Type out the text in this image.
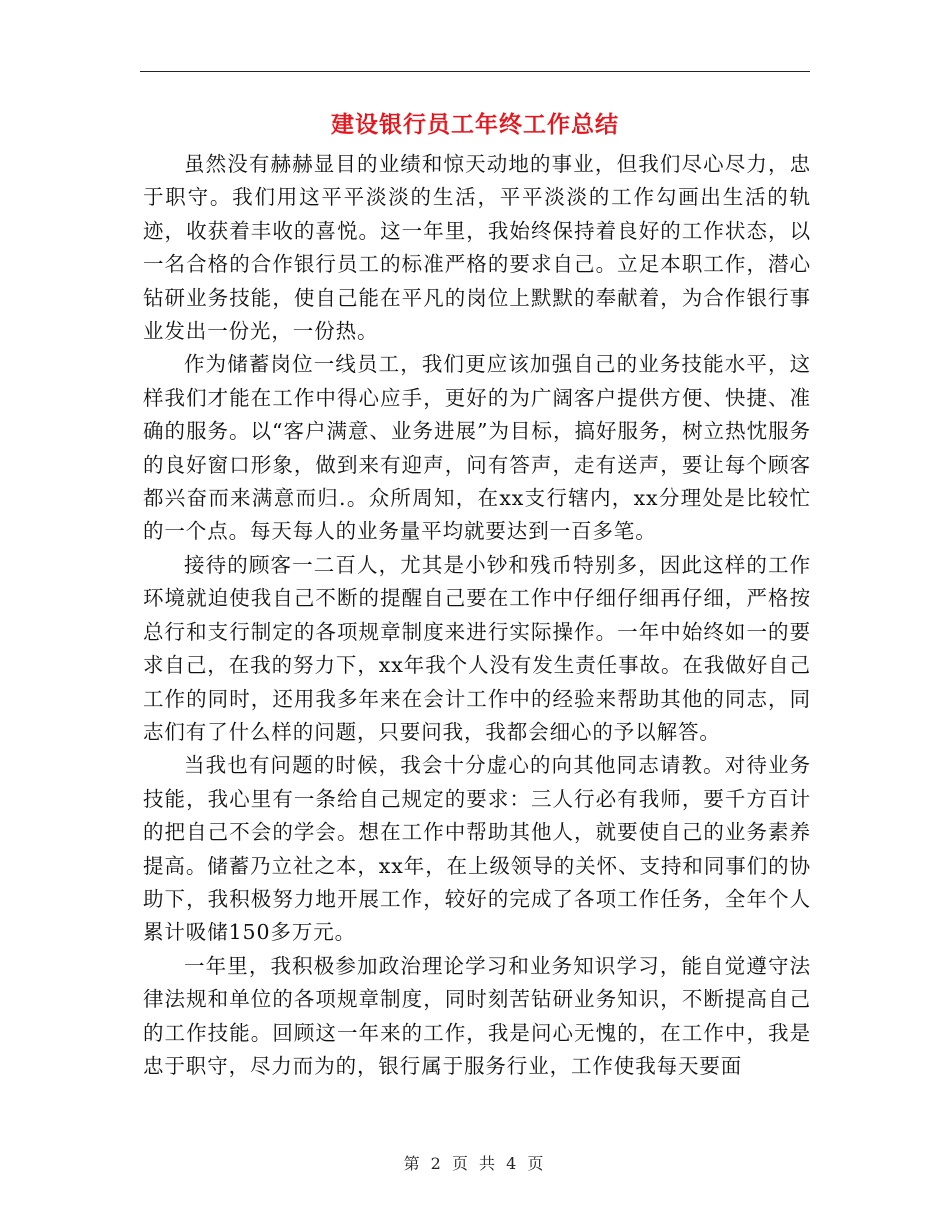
建设银行员工年终工作总结

虽然没有赫赫显目的业绩和惊天动地的事业，但我们尽心尽力，忠于职守。我们用这平平淡淡的生活，平平淡淡的工作勾画出生活的轨迹，收获着丰收的喜悦。这一年里，我始终保持着良好的工作状态，以一名合格的合作银行员工的标准严格的要求自己。立足本职工作，潜心钻研业务技能，使自己能在平凡的岗位上默默的奉献着，为合作银行事业发出一份光，一份热。

作为储蓄岗位一线员工，我们更应该加强自己的业务技能水平，这样我们才能在工作中得心应手，更好的为广阔客户提供方便、快捷、准确的服务。以“客户满意、业务进展”为目标，搞好服务，树立热忱服务的良好窗口形象，做到来有迎声，问有答声，走有送声，要让每个顾客都兴奋而来满意而归.。众所周知，在xx支行辖内，xx分理处是比较忙的一个点。每天每人的业务量平均就要达到一百多笔。

接待的顾客一二百人，尤其是小钞和残币特别多，因此这样的工作环境就迫使我自己不断的提醒自己要在工作中仔细仔细再仔细，严格按总行和支行制定的各项规章制度来进行实际操作。一年中始终如一的要求自己，在我的努力下，xx年我个人没有发生责任事故。在我做好自己工作的同时，还用我多年来在会计工作中的经验来帮助其他的同志，同志们有了什么样的问题，只要问我，我都会细心的予以解答。

当我也有问题的时候，我会十分虚心的向其他同志请教。对待业务技能，我心里有一条给自己规定的要求：三人行必有我师，要千方百计的把自己不会的学会。想在工作中帮助其他人，就要使自己的业务素养提高。储蓄乃立社之本，xx年，在上级领导的关怀、支持和同事们的协助下，我积极努力地开展工作，较好的完成了各项工作任务，全年个人累计吸储150多万元。

一年里，我积极参加政治理论学习和业务知识学习，能自觉遵守法律法规和单位的各项规章制度，同时刻苦钻研业务知识，不断提高自己的工作技能。回顾这一年来的工作，我是问心无愧的，在工作中，我是忠于职守，尽力而为的，银行属于服务行业，工作使我每天要面

第 2 页 共 4 页
